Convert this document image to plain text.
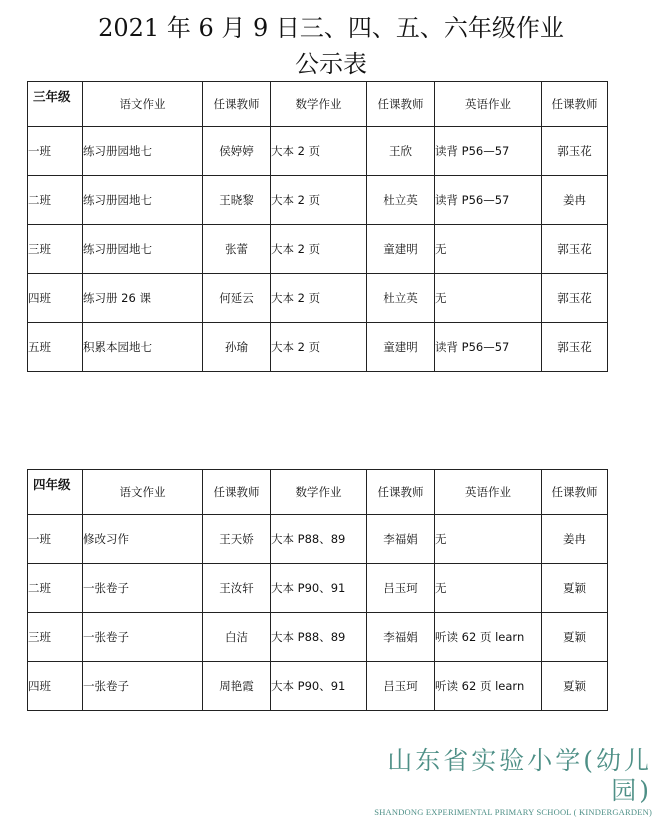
2021 年 6 月 9 日三、四、五、六年级作业
公示表
三年级	语文作业	任课教师	数学作业	任课教师	英语作业	任课教师
一班	练习册园地七	侯婷婷	大本 2 页	王欣	读背 P56—57	郭玉花
二班	练习册园地七	王晓黎	大本 2 页	杜立英	读背 P56—57	姜冉
三班	练习册园地七	张蕾	大本 2 页	童建明	无	郭玉花
四班	练习册 26 课	何延云	大本 2 页	杜立英	无	郭玉花
五班	积累本园地七	孙瑜	大本 2 页	童建明	读背 P56—57	郭玉花
四年级	语文作业	任课教师	数学作业	任课教师	英语作业	任课教师
一班	修改习作	王天娇	大本 P88、89	李福娟	无	姜冉
二班	一张卷子	王汝轩	大本 P90、91	吕玉珂	无	夏颖
三班	一张卷子	白洁	大本 P88、89	李福娟	听读 62 页 learn	夏颖
四班	一张卷子	周艳霞	大本 P90、91	吕玉珂	听读 62 页 learn	夏颖
山东省实验小学(幼儿园)
SHANDONG EXPERIMENTAL PRIMARY SCHOOL ( KINDERGARDEN)
